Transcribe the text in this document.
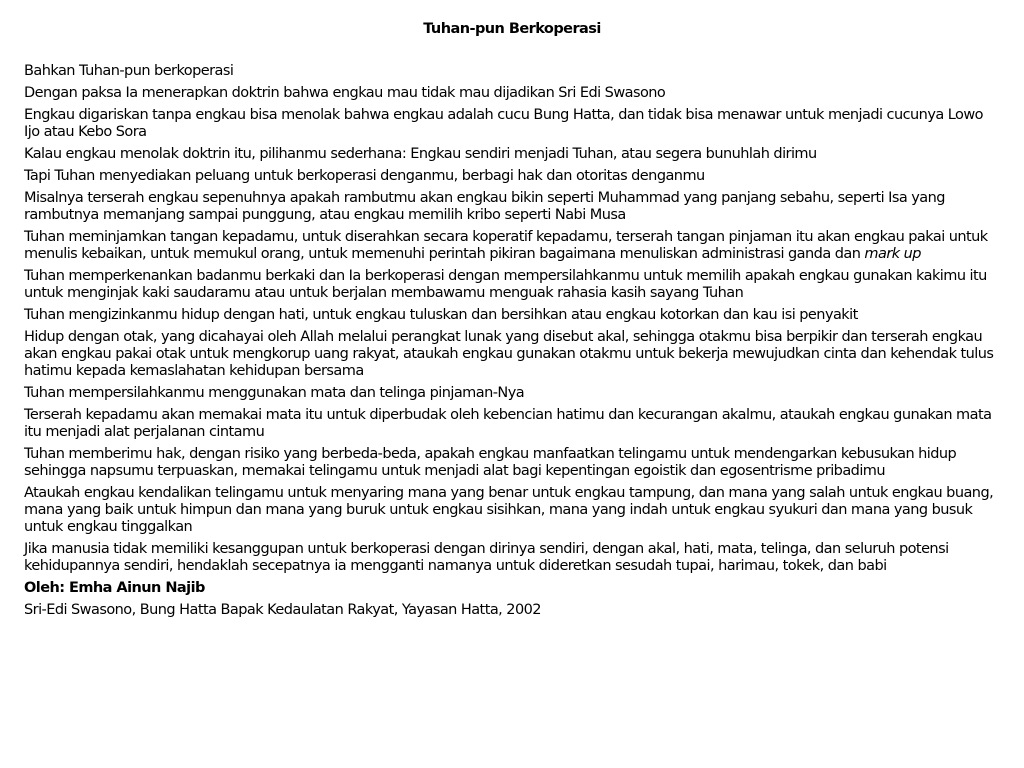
Tuhan-pun Berkoperasi

Bahkan Tuhan-pun berkoperasi

Dengan paksa Ia menerapkan doktrin bahwa engkau mau tidak mau dijadikan Sri Edi Swasono

Engkau digariskan tanpa engkau bisa menolak bahwa engkau adalah cucu Bung Hatta, dan tidak bisa menawar untuk menjadi cucunya Lowo Ijo atau Kebo Sora

Kalau engkau menolak doktrin itu, pilihanmu sederhana: Engkau sendiri menjadi Tuhan, atau segera bunuhlah dirimu

Tapi Tuhan menyediakan peluang untuk berkoperasi denganmu, berbagi hak dan otoritas denganmu

Misalnya terserah engkau sepenuhnya apakah rambutmu akan engkau bikin seperti Muhammad yang panjang sebahu, seperti Isa yang rambutnya memanjang sampai punggung, atau engkau memilih kribo seperti Nabi Musa

Tuhan meminjamkan tangan kepadamu, untuk diserahkan secara koperatif kepadamu, terserah tangan pinjaman itu akan engkau pakai untuk menulis kebaikan, untuk memukul orang, untuk memenuhi perintah pikiran bagaimana menuliskan administrasi ganda dan mark up

Tuhan memperkenankan badanmu berkaki dan Ia berkoperasi dengan mempersilahkanmu untuk memilih apakah engkau gunakan kakimu itu untuk menginjak kaki saudaramu atau untuk berjalan membawamu menguak rahasia kasih sayang Tuhan

Tuhan mengizinkanmu hidup dengan hati, untuk engkau tuluskan dan bersihkan atau engkau kotorkan dan kau isi penyakit

Hidup dengan otak, yang dicahayai oleh Allah melalui perangkat lunak yang disebut akal, sehingga otakmu bisa berpikir dan terserah engkau akan engkau pakai otak untuk mengkorup uang rakyat, ataukah engkau gunakan otakmu untuk bekerja mewujudkan cinta dan kehendak tulus hatimu kepada kemaslahatan kehidupan bersama

Tuhan mempersilahkanmu menggunakan mata dan telinga pinjaman-Nya

Terserah kepadamu akan memakai mata itu untuk diperbudak oleh kebencian hatimu dan kecurangan akalmu, ataukah engkau gunakan mata itu menjadi alat perjalanan cintamu

Tuhan memberimu hak, dengan risiko yang berbeda-beda, apakah engkau manfaatkan telingamu untuk mendengarkan kebusukan hidup sehingga napsumu terpuaskan, memakai telingamu untuk menjadi alat bagi kepentingan egoistik dan egosentrisme pribadimu

Ataukah engkau kendalikan telingamu untuk menyaring mana yang benar untuk engkau tampung, dan mana yang salah untuk engkau buang, mana yang baik untuk himpun dan mana yang buruk untuk engkau sisihkan, mana yang indah untuk engkau syukuri dan mana yang busuk untuk engkau tinggalkan

Jika manusia tidak memiliki kesanggupan untuk berkoperasi dengan dirinya sendiri, dengan akal, hati, mata, telinga, dan seluruh potensi kehidupannya sendiri, hendaklah secepatnya ia mengganti namanya untuk dideretkan sesudah tupai, harimau, tokek, dan babi

Oleh: Emha Ainun Najib

Sri-Edi Swasono, Bung Hatta Bapak Kedaulatan Rakyat, Yayasan Hatta, 2002
